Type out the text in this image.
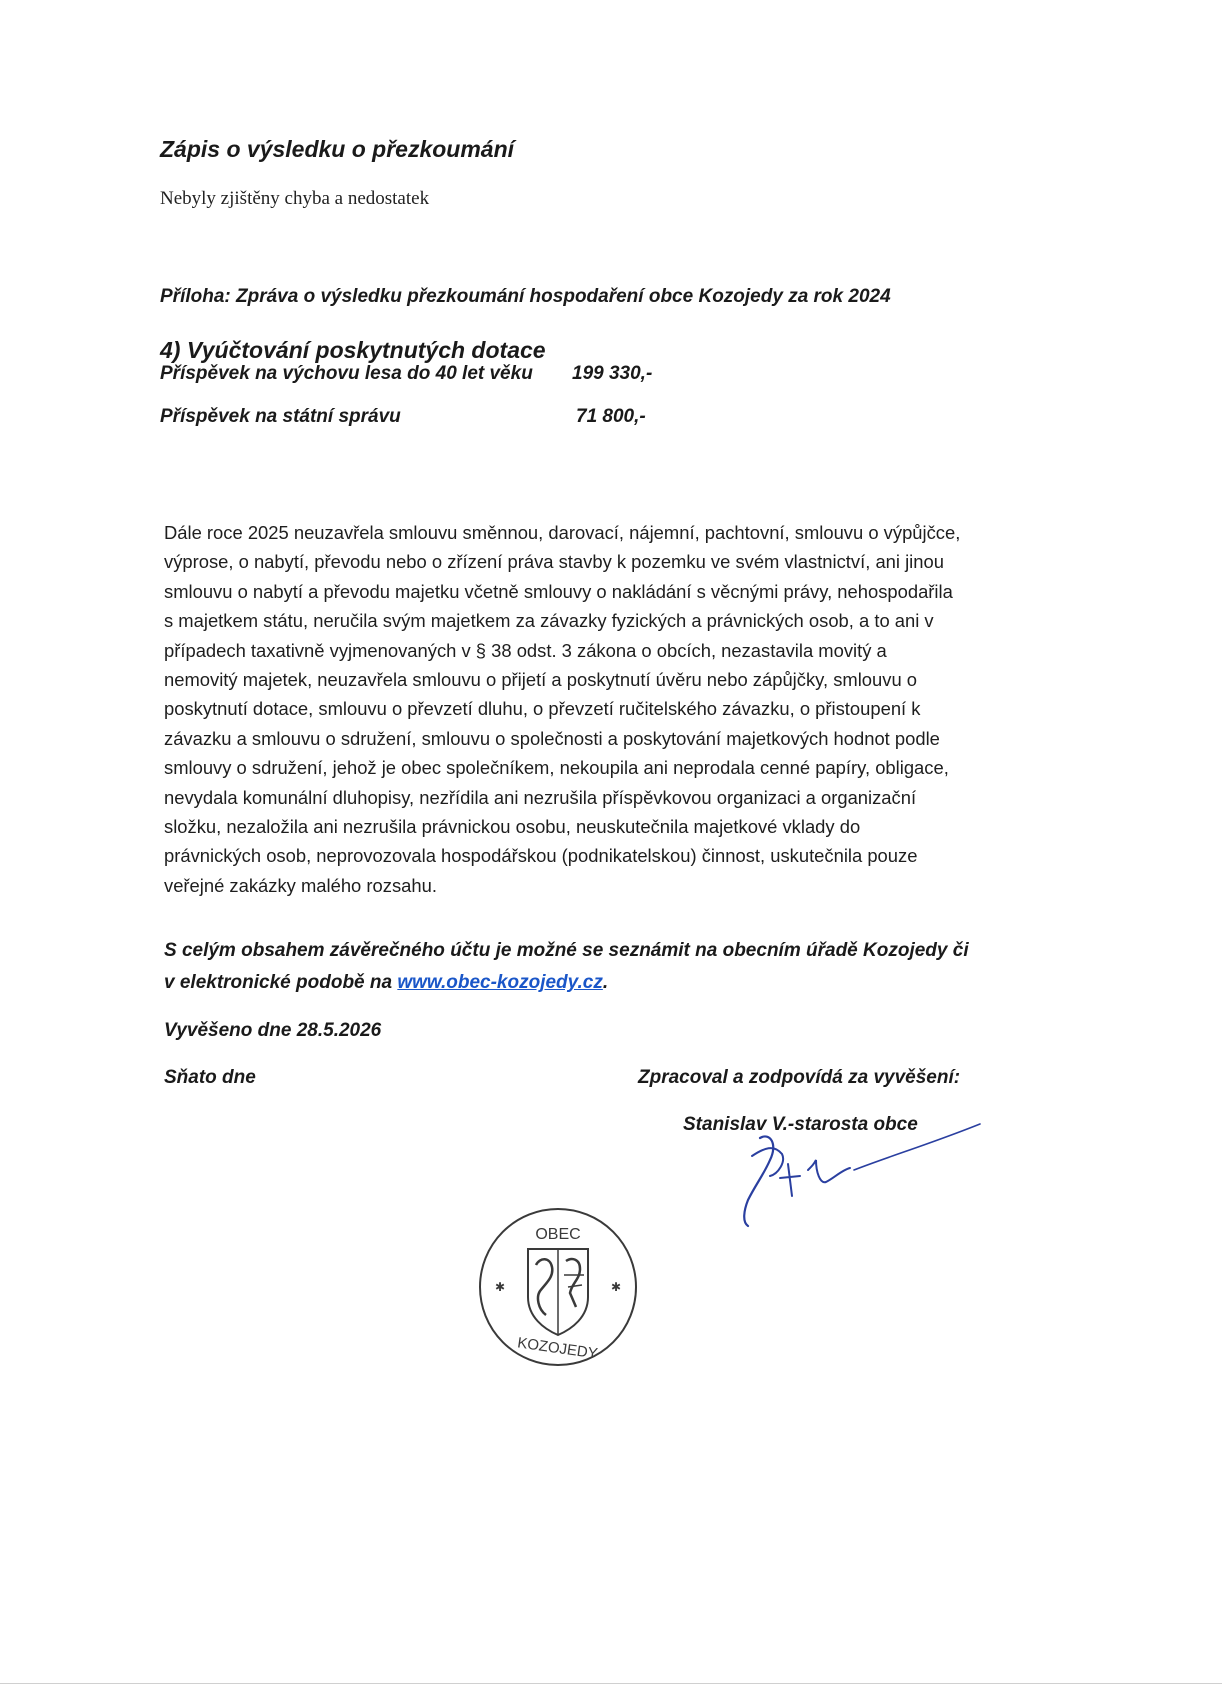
Zápis o výsledku o přezkoumání
Nebyly zjištěny chyba a nedostatek
Příloha: Zpráva o výsledku přezkoumání hospodaření obce Kozojedy za rok 2024
4) Vyúčtování poskytnutých dotace
Příspěvek na výchovu lesa do 40 let věku 199 330,-
Příspěvek na státní správu	71 800,-
Dále roce 2025 neuzavřela smlouvu směnnou, darovací, nájemní, pachtovní, smlouvu o výpůjčce,
výprose, o nabytí, převodu nebo o zřízení práva stavby k pozemku ve svém vlastnictví, ani jinou
smlouvu o nabytí a převodu majetku včetně smlouvy o nakládání s věcnými právy, nehospodařila
s majetkem státu, neručila svým majetkem za závazky fyzických a právnických osob, a to ani v
případech taxativně vyjmenovaných v § 38 odst. 3 zákona o obcích, nezastavila movitý a
nemovitý majetek, neuzavřela smlouvu o přijetí a poskytnutí úvěru nebo zápůjčky, smlouvu o
poskytnutí dotace, smlouvu o převzetí dluhu, o převzetí ručitelského závazku, o přistoupení k
závazku a smlouvu o sdružení, smlouvu o společnosti a poskytování majetkových hodnot podle
smlouvy o sdružení, jehož je obec společníkem, nekoupila ani neprodala cenné papíry, obligace,
nevydala komunální dluhopisy, nezřídila ani nezrušila příspěvkovou organizaci a organizační
složku, nezaložila ani nezrušila právnickou osobu, neuskutečnila majetkové vklady do
právnických osob, neprovozovala hospodářskou (podnikatelskou) činnost, uskutečnila pouze
veřejné zakázky malého rozsahu.
S celým obsahem závěrečného účtu je možné se seznámit na obecním úřadě Kozojedy či
v elektronické podobě na www.obec-kozojedy.cz.
Vyvěšeno dne 28.5.2026
Sňato dne	Zpracoval a zodpovídá za vyvěšení:
Stanislav V.-starosta obce
OBEC
KOZOJEDY
✱	✱
